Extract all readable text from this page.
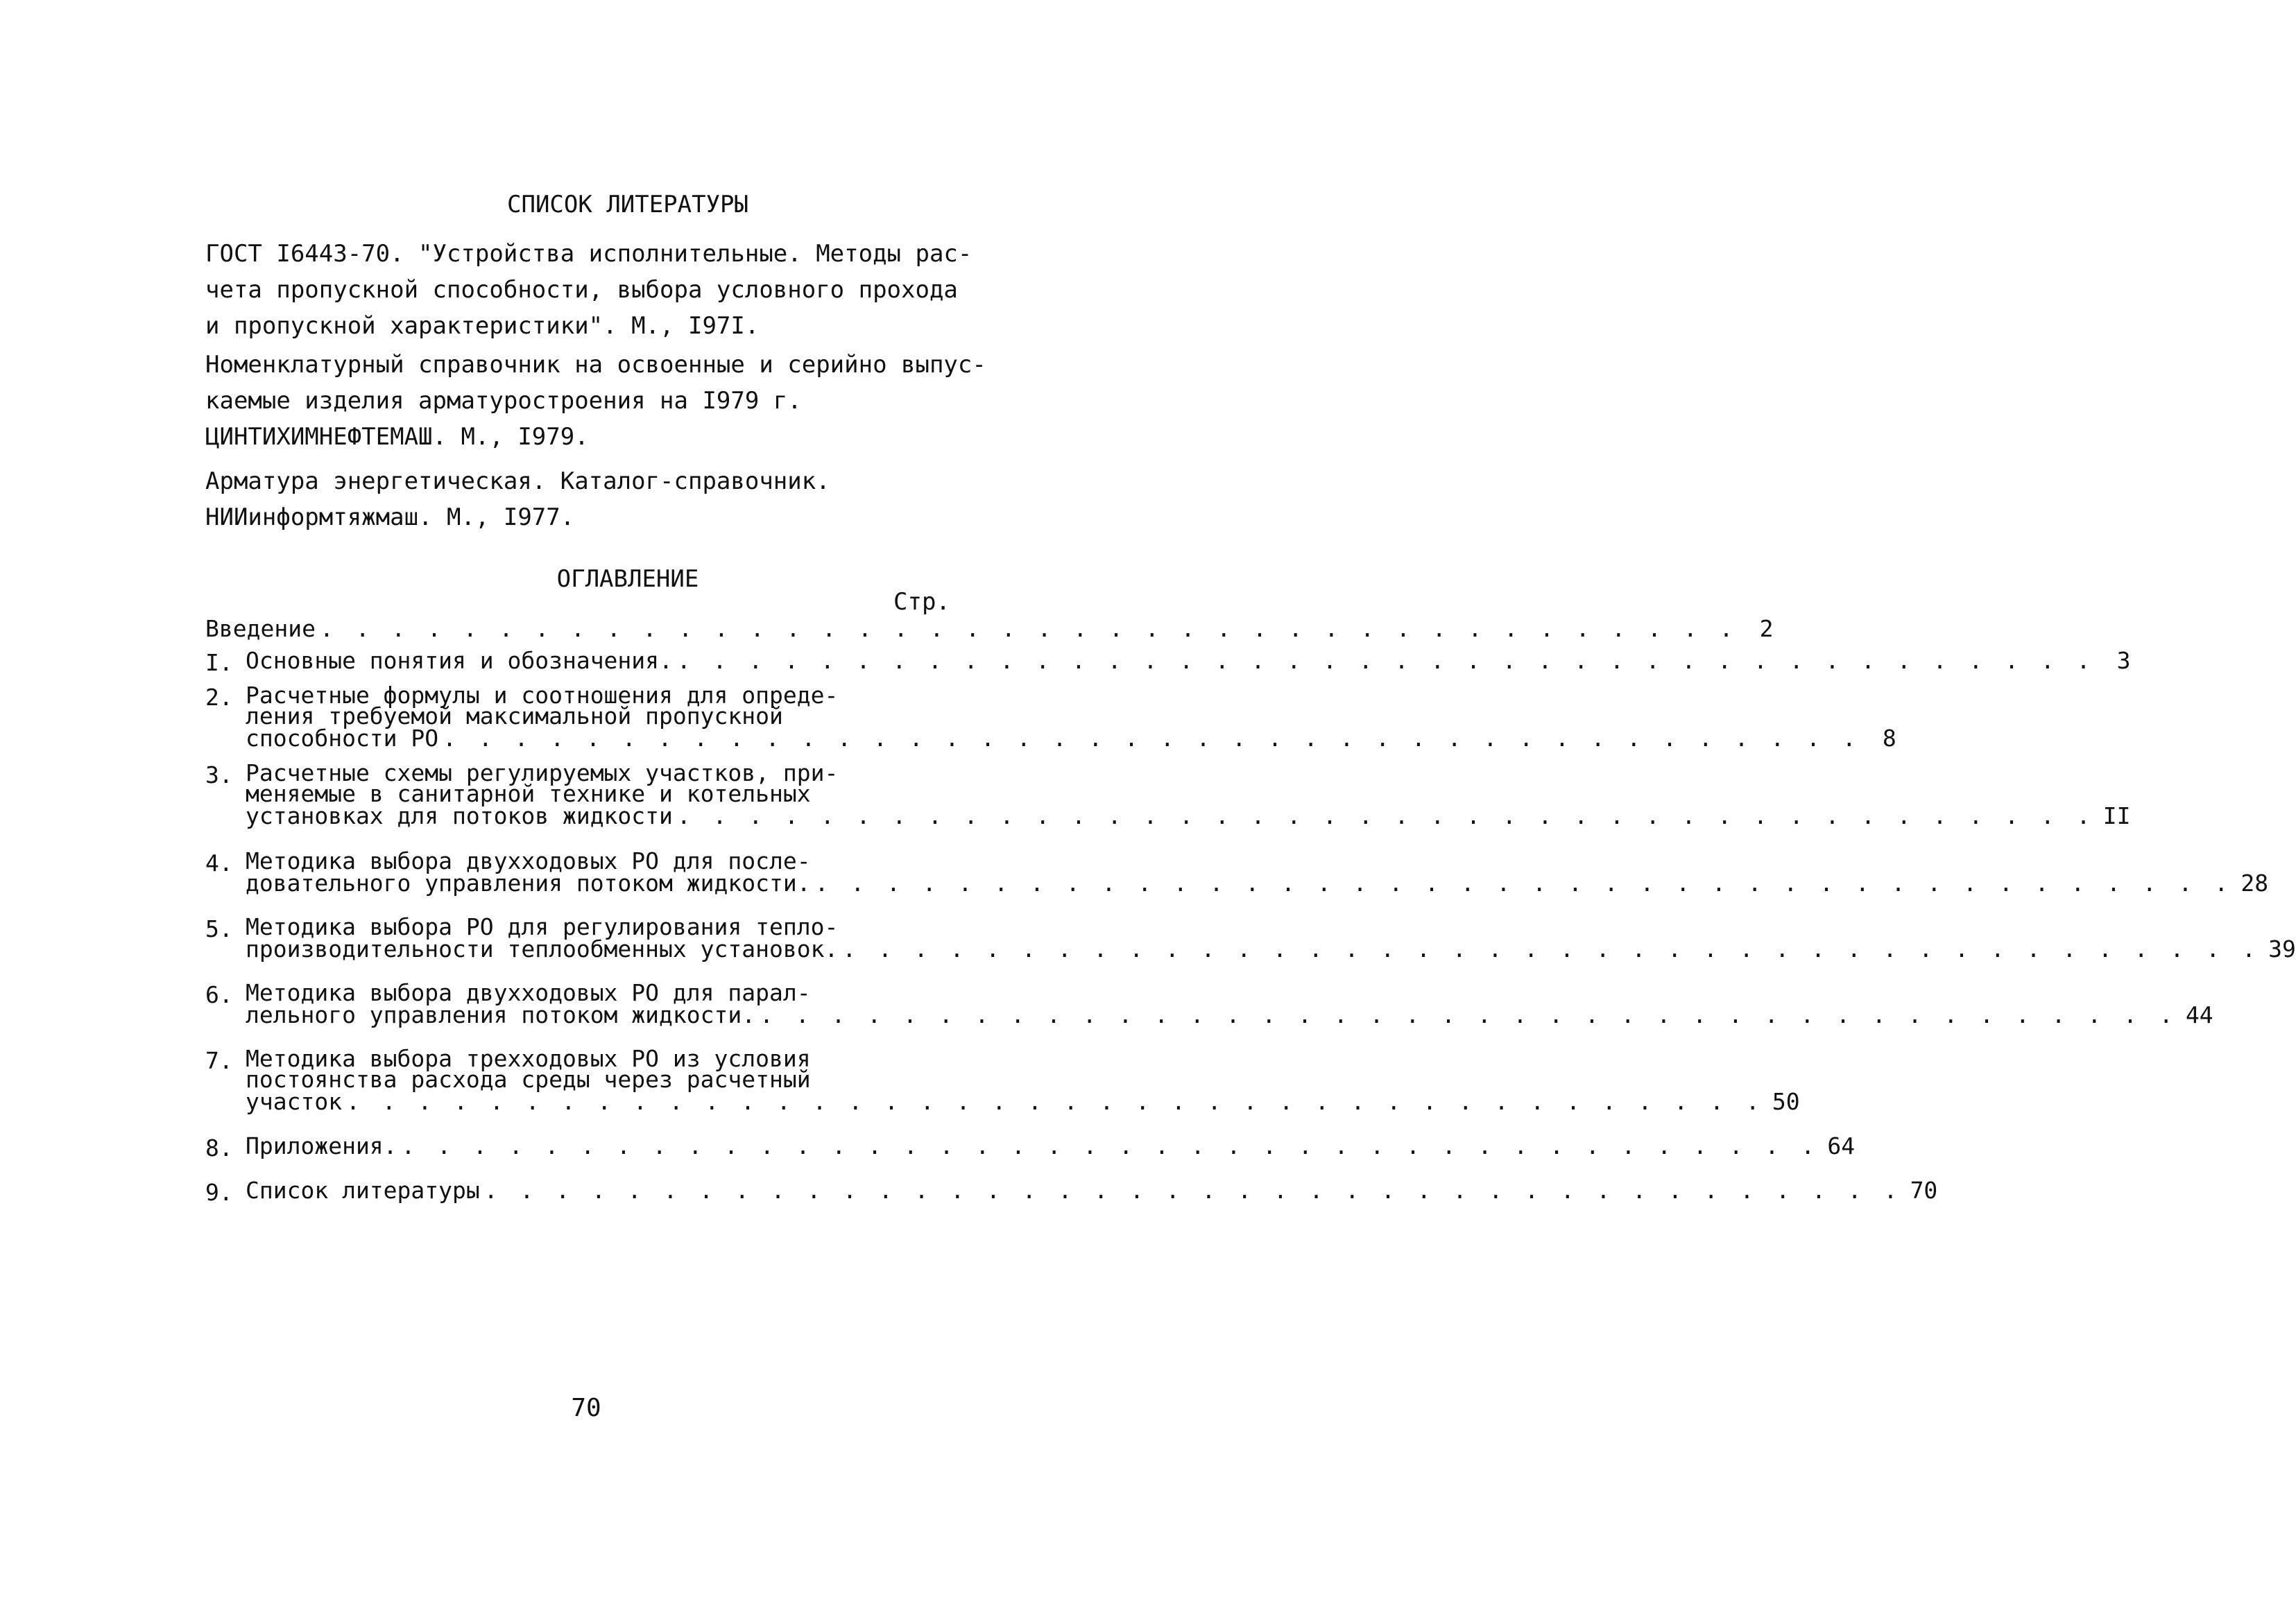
СПИСОК ЛИТЕРАТУРЫ
ГОСТ I6443-70. "Устройства исполнительные. Методы рас-
чета пропускной способности, выбора условного прохода
и пропускной характеристики". М., I97I.
Номенклатурный справочник на освоенные и серийно выпус-
каемые изделия арматуростроения на I979 г.
ЦИНТИХИМНЕФТЕМАШ. М., I979.
Арматура энергетическая. Каталог-справочник.
НИИинформтяжмаш. М., I977.
ОГЛАВЛЕНИЕ
Стр.
Введение . . . . . . . . . . . . . . . . . . . . . . . . . . . . . . . . . . . . . . . . 2
I. Основные понятия и обозначения. . . . . . . . . . . . . . . . . . . . . . . . . . . . . . . . . . . . . . . . . 3
2. Расчетные формулы и соотношения для опреде-
ления требуемой максимальной пропускной
способности РО . . . . . . . . . . . . . . . . . . . . . . . . . . . . . . . . . . . . . . . . 8
3. Расчетные схемы регулируемых участков, при-
меняемые в санитарной технике и котельных
установках для потоков жидкости . . . . . . . . . . . . . . . . . . . . . . . . . . . . . . . . . . . . . . . . II
4. Методика выбора двухходовых РО для после-
довательного управления потоком жидкости. . . . . . . . . . . . . . . . . . . . . . . . . . . . . . . . . . . . . . . . . 28
5. Методика выбора РО для регулирования тепло-
производительности теплообменных установок. . . . . . . . . . . . . . . . . . . . . . . . . . . . . . . . . . . . . . . . . 39
6. Методика выбора двухходовых РО для парал-
лельного управления потоком жидкости. . . . . . . . . . . . . . . . . . . . . . . . . . . . . . . . . . . . . . . . . 44
7. Методика выбора трехходовых РО из условия
постоянства расхода среды через расчетный
участок . . . . . . . . . . . . . . . . . . . . . . . . . . . . . . . . . . . . . . . . 50
8. Приложения. . . . . . . . . . . . . . . . . . . . . . . . . . . . . . . . . . . . . . . . . 64
9. Список литературы . . . . . . . . . . . . . . . . . . . . . . . . . . . . . . . . . . . . . . . . 70
70
